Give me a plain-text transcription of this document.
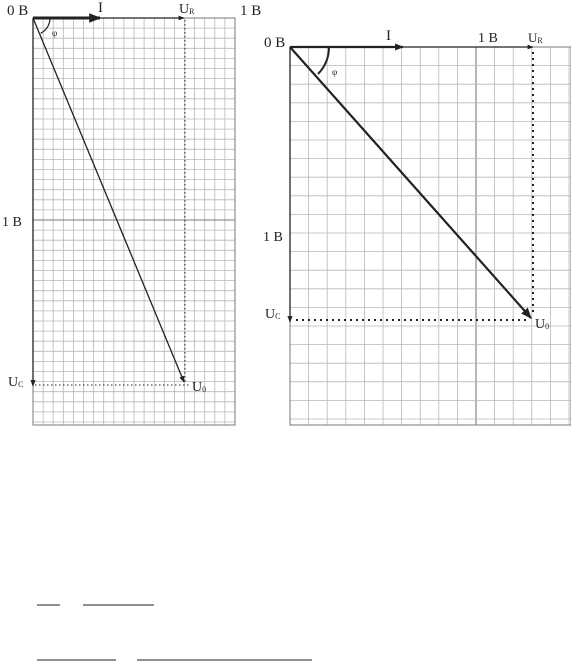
0 В	I	UR	1 В
1 В
UC	U0
φ
0 В	I	1 В UR
1 В
UC
U0
φ
